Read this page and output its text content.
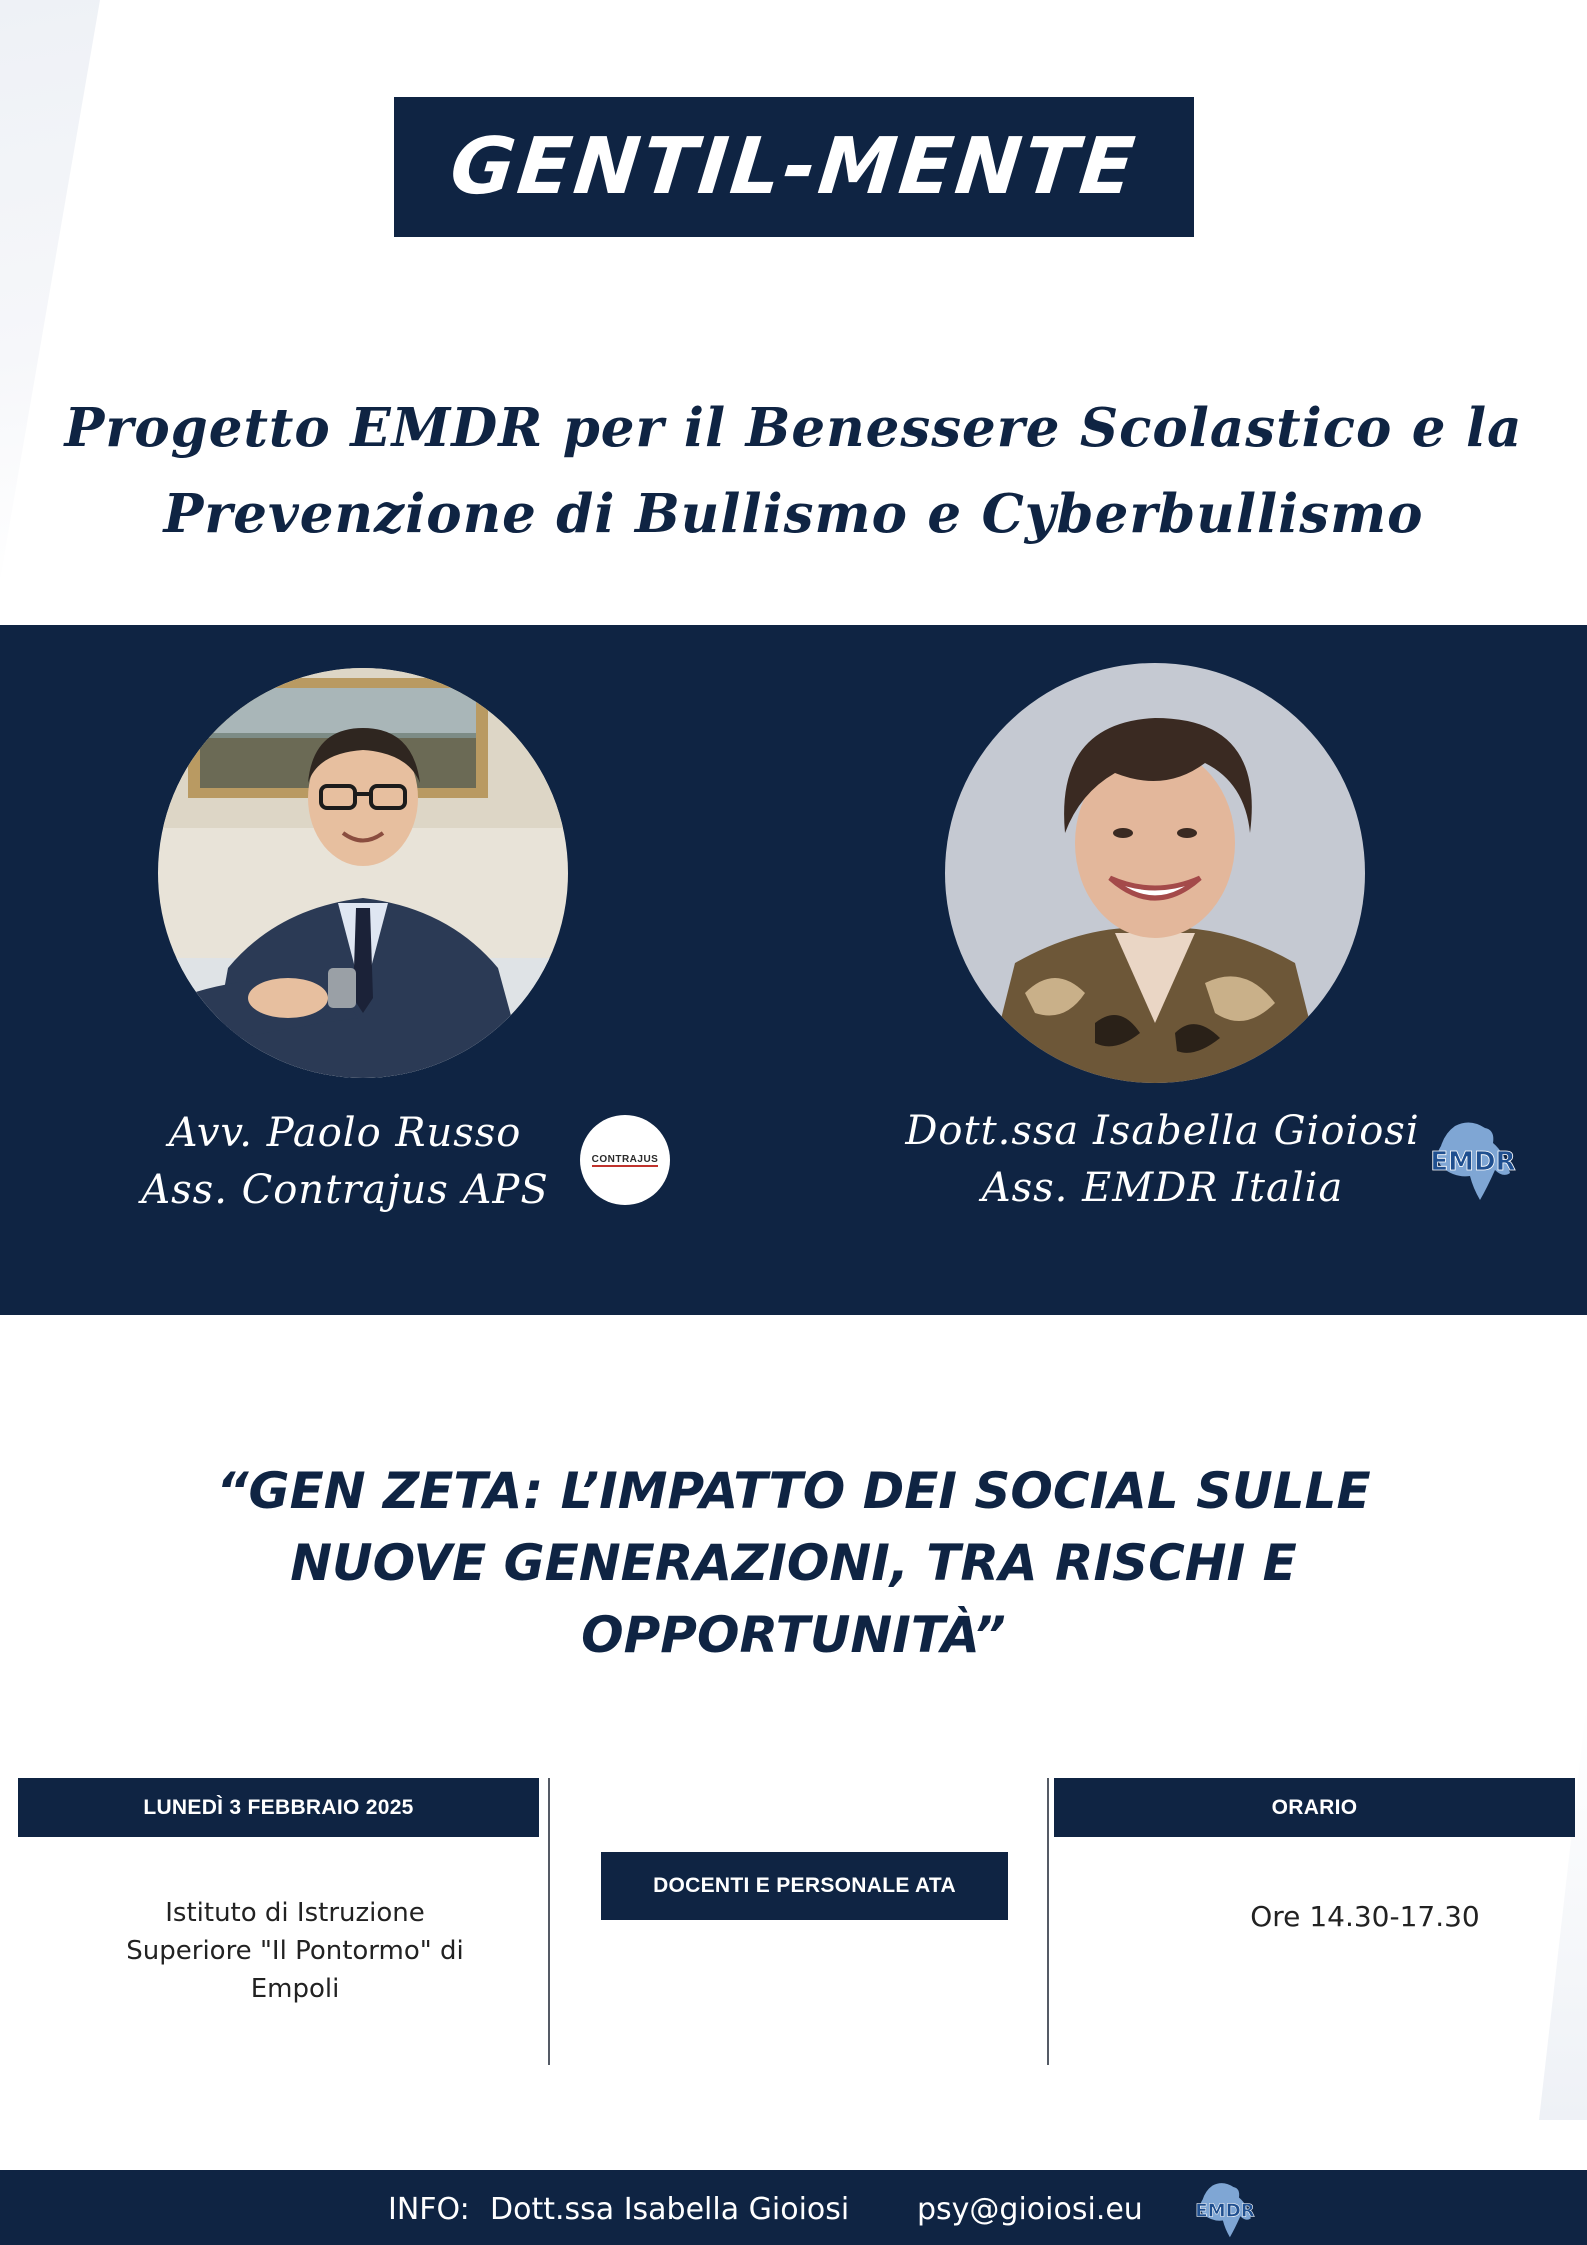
GENTIL-MENTE
Progetto EMDR per il Benessere Scolastico e la
Prevenzione di Bullismo e Cyberbullismo
Avv. Paolo Russo
Ass. Contrajus APS
Dott.ssa Isabella Gioiosi
Ass. EMDR Italia
CONTRAJUS	EMDR
“GEN ZETA: L’IMPATTO DEI SOCIAL SULLE
NUOVE GENERAZIONI, TRA RISCHI E
OPPORTUNITÀ”
LUNEDÌ 3 FEBBRAIO 2025
DOCENTI E PERSONALE ATA
ORARIO
Istituto di Istruzione
Superiore "Il Pontormo" di
Empoli
Ore 14.30-17.30
INFO: Dott.ssa Isabella Gioiosi psy@gioiosi.eu EMDR
